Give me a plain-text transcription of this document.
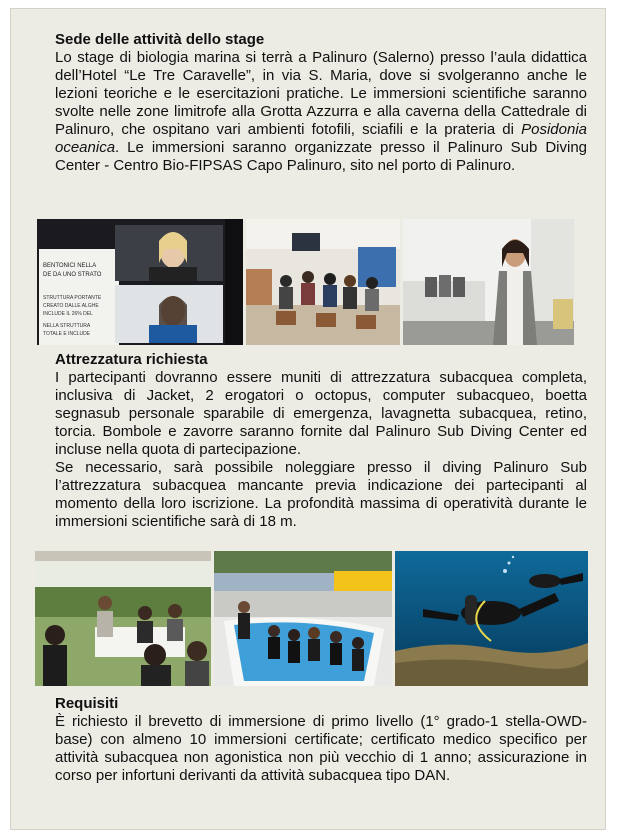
Sede delle attività dello stage

Lo stage di biologia marina si terrà a Palinuro (Salerno) presso l’aula didattica dell’Hotel “Le Tre Caravelle”, in via S. Maria, dove si svolgeranno anche le lezioni teoriche e le esercitazioni pratiche. Le immersioni scientifiche saranno svolte nelle zone limitrofe alla Grotta Azzurra e alla caverna della Cattedrale di Palinuro, che ospitano vari ambienti fotofili, sciafili e la prateria di Posidonia oceanica. Le immersioni saranno organizzate presso il Palinuro Sub Diving Center - Centro Bio-FIPSAS Capo Palinuro, sito nel porto di Palinuro.

BENTONICI NELLA
DE DA UNO STRATO
STRUTTURA PORTANTE
CREATO DALLE ALGHE
INCLUDE IL 26% DEL
NELLA STRUTTURA
TOTALE E INCLUDE

Attrezzatura richiesta

I partecipanti dovranno essere muniti di attrezzatura subacquea completa, inclusiva di Jacket, 2 erogatori o octopus, computer subacqueo, boetta segnasub personale sparabile di emergenza, lavagnetta subacquea, retino, torcia. Bombole e zavorre saranno fornite dal Palinuro Sub Diving Center ed incluse nella quota di partecipazione.

Se necessario, sarà possibile noleggiare presso il diving Palinuro Sub l’attrezzatura subacquea mancante previa indicazione dei partecipanti al momento della loro iscrizione. La profondità massima di operatività durante le immersioni scientifiche sarà di 18 m.

Requisiti

È richiesto il brevetto di immersione di primo livello (1° grado-1 stella-OWD-base) con almeno 10 immersioni certificate; certificato medico specifico per attività subacquea non agonistica non più vecchio di 1 anno; assicurazione in corso per infortuni derivanti da attività subacquea tipo DAN.
